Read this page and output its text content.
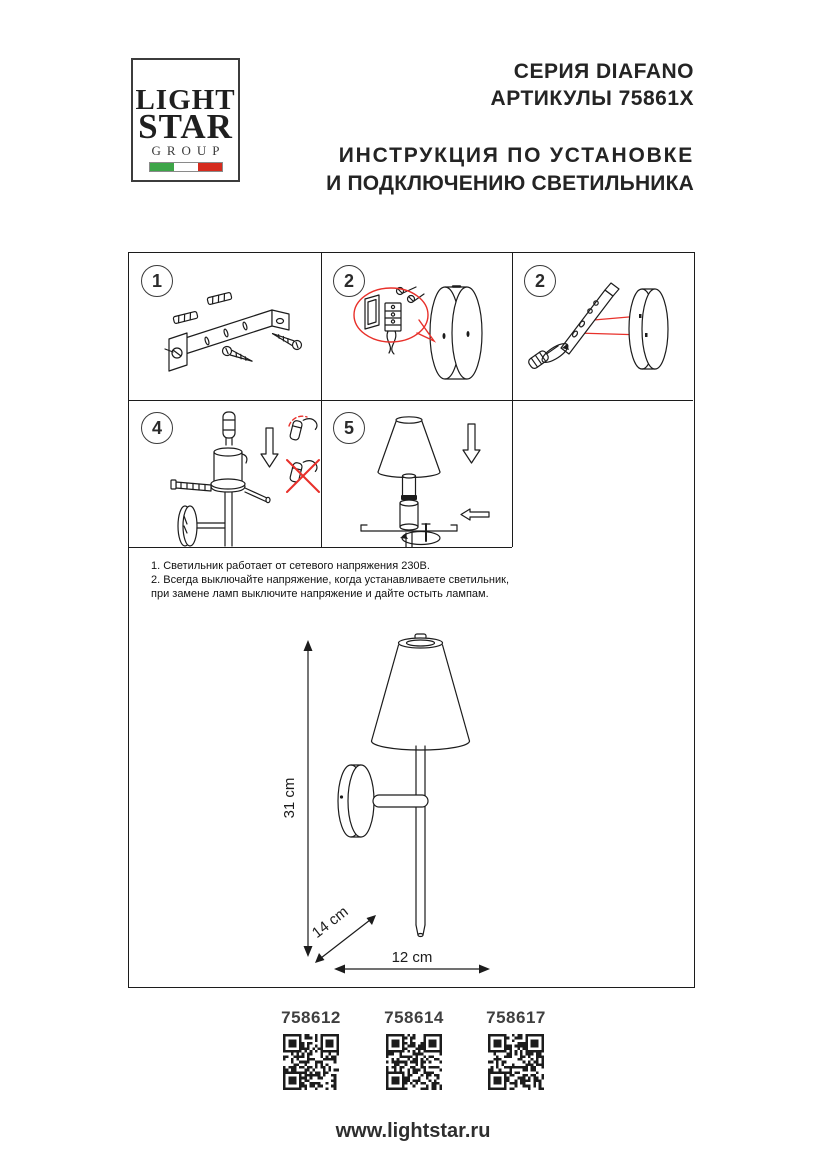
LIGHT
STAR
GROUP
СЕРИЯ DIAFANO
АРТИКУЛЫ 75861X
ИНСТРУКЦИЯ ПО УСТАНОВКЕ
И ПОДКЛЮЧЕНИЮ СВЕТИЛЬНИКА
1	2	2
4	5
1. Светильник работает от сетевого напряжения 230В.
2. Всегда выключайте напряжение, когда устанавливаете светильник,
при замене ламп выключите напряжение и дайте остыть лампам.
31 cm
14 cm
12 cm
758612	758614	758617
www.lightstar.ru
